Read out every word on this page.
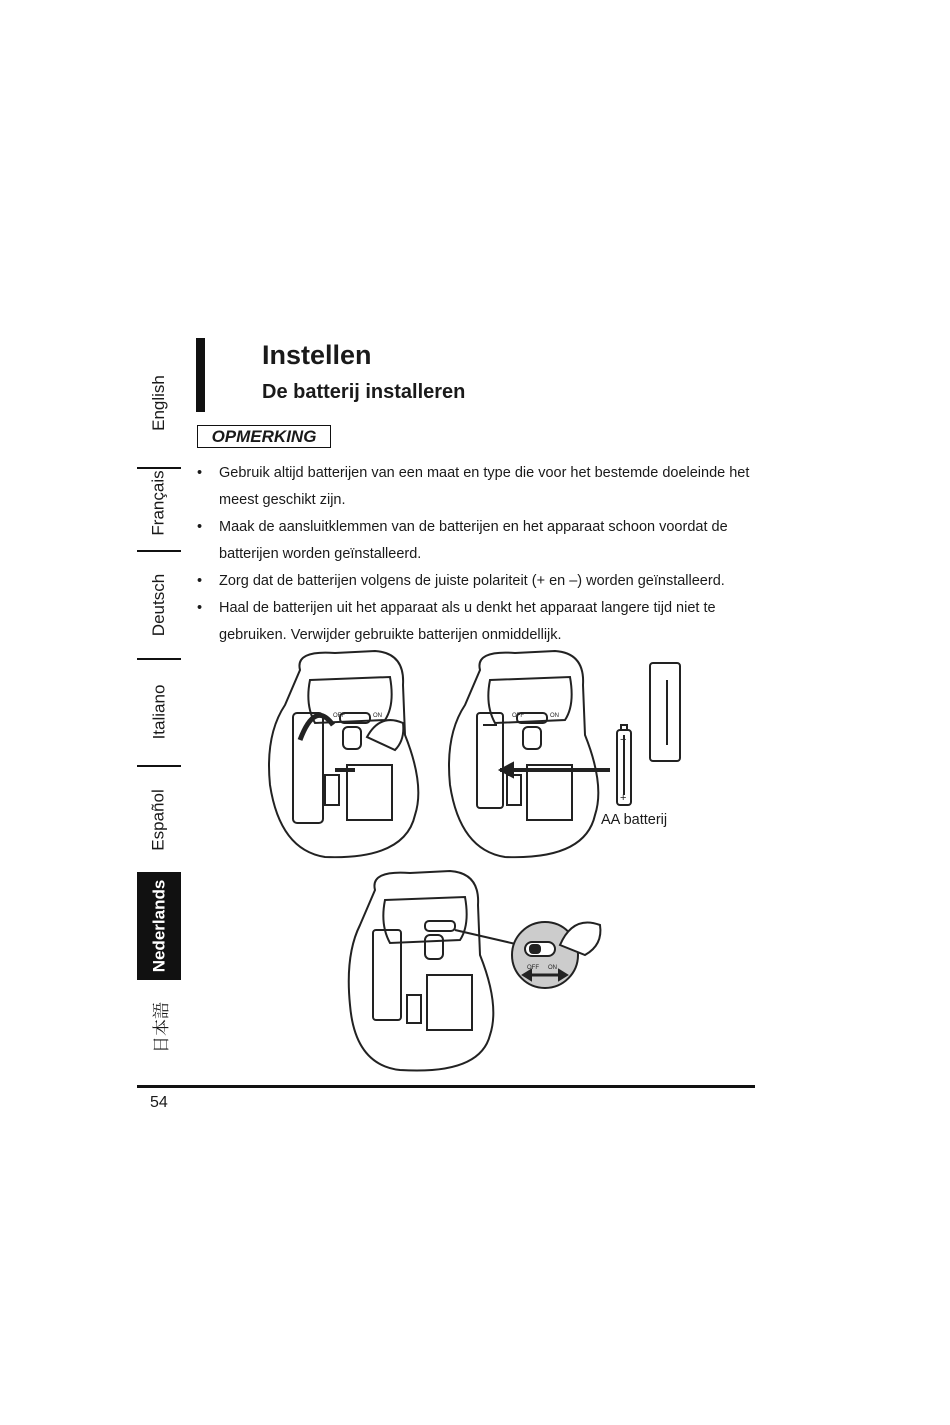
English
Français
Deutsch
Italiano
Español
Nederlands
日本語
Instellen
De batterij installeren
OPMERKING
• Gebruik altijd batterijen van een maat en type die voor het bestemde doeleinde het meest geschikt zijn.
• Maak de aansluitklemmen van de batterijen en het apparaat schoon voordat de batterijen worden geïnstalleerd.
• Zorg dat de batterijen volgens de juiste polariteit (+ en –) worden geïnstalleerd.
• Haal de batterijen uit het apparaat als u denkt het apparaat langere tijd niet te gebruiken. Verwijder gebruikte batterijen onmiddellijk.
OFF	ON	OFF	ON
OFF ON
−
+
AA batterij
54
